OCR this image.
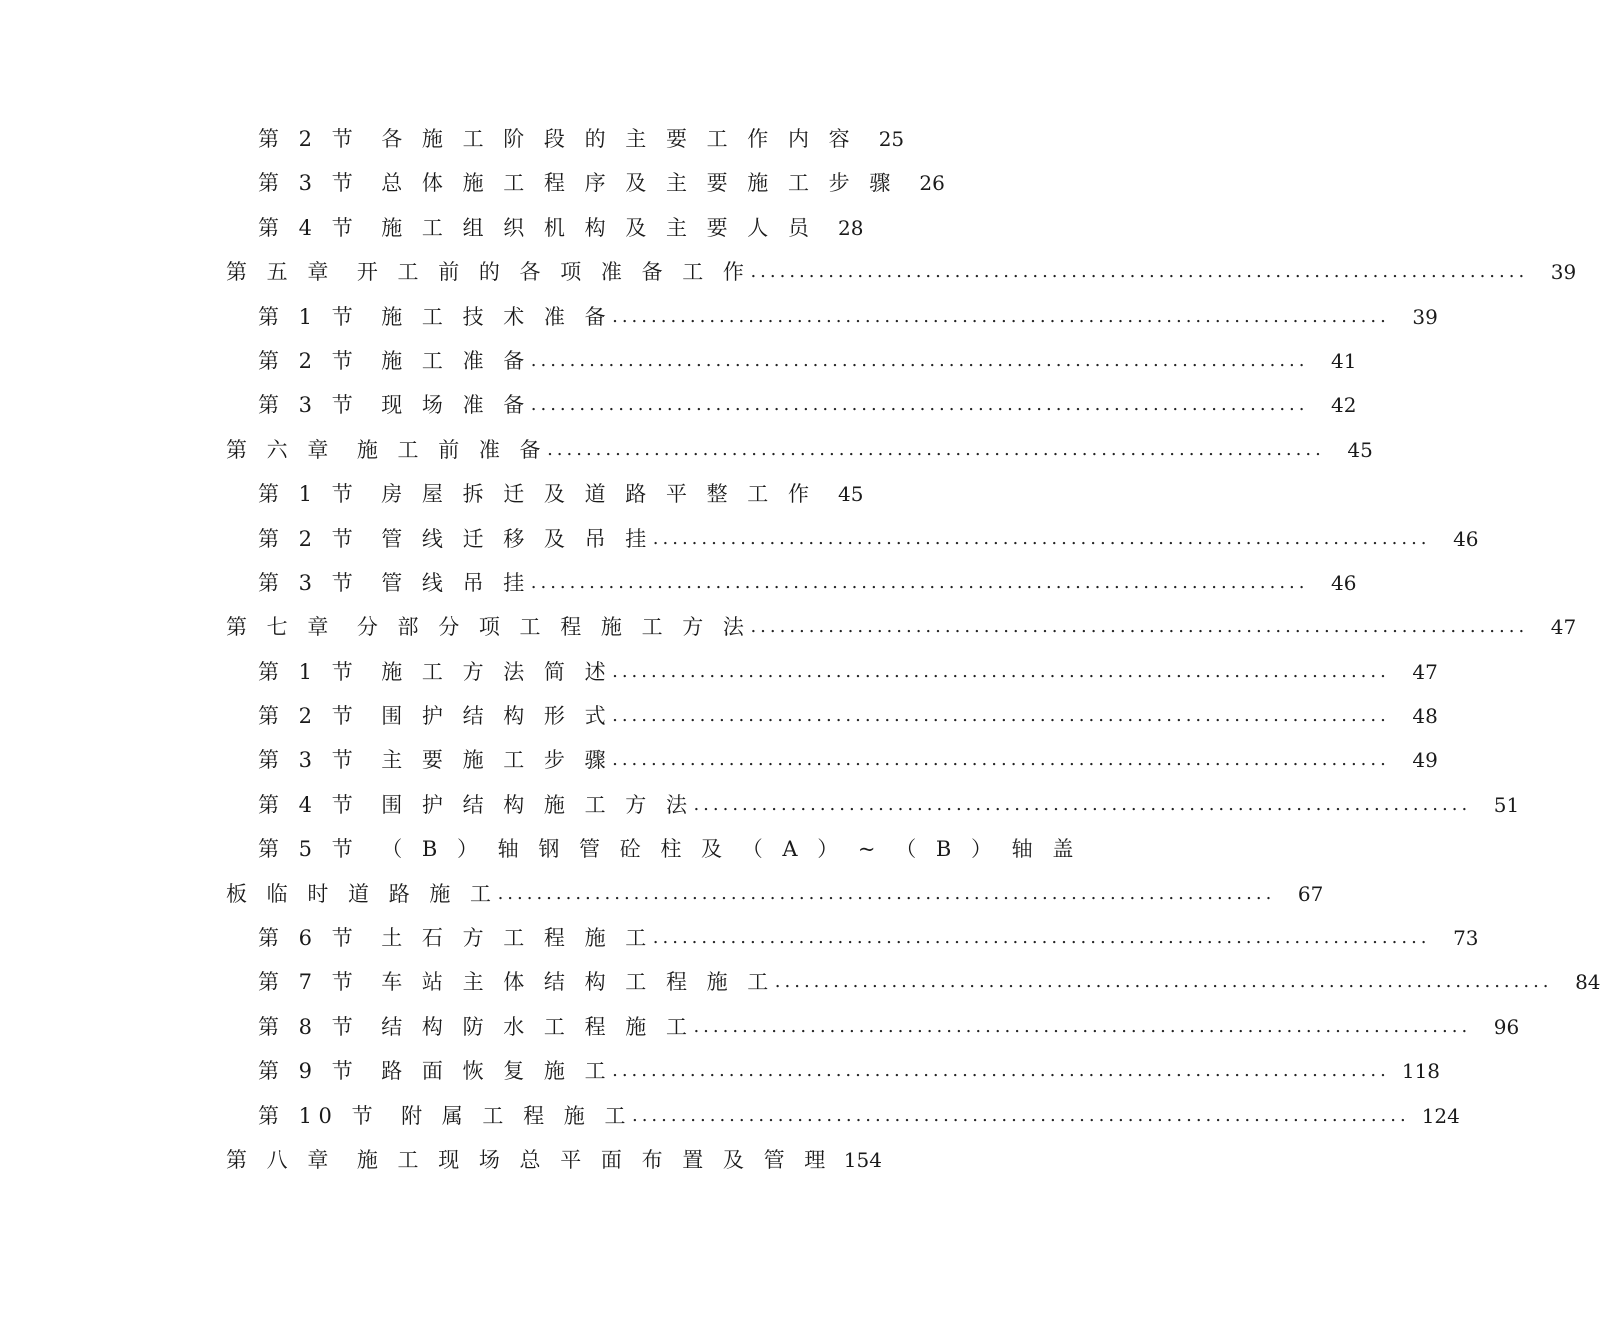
第 2 节 各 施 工 阶 段 的 主 要 工 作 内 容	25
第 3 节 总 体 施 工 程 序 及 主 要 施 工 步 骤	26
第 4 节 施 工 组 织 机 构 及 主 要 人 员	28
第 五 章 开 工 前 的 各 项 准 备 工 作 .....	39
第 1 节 施 工 技 术 准 备 .....	39
第 2 节 施 工 准 备 .....	41
第 3 节 现 场 准 备 .....	42
第 六 章 施 工 前 准 备 .....	45
第 1 节 房 屋 拆 迁 及 道 路 平 整 工 作	45
第 2 节 管 线 迁 移 及 吊 挂 .....	46
第 3 节 管 线 吊 挂 .....	46
第 七 章 分 部 分 项 工 程 施 工 方 法 .....	47
第 1 节 施 工 方 法 简 述 .....	47
第 2 节 围 护 结 构 形 式 .....	48
第 3 节 主 要 施 工 步 骤 .....	49
第 4 节 围 护 结 构 施 工 方 法 .....	51
第 5 节 （ B ） 轴 钢 管 砼 柱 及 （ A ） ~ （ B ） 轴 盖
板 临 时 道 路 施 工 .....	67
第 6 节 土 石 方 工 程 施 工 .....	73
第 7 节 车 站 主 体 结 构 工 程 施 工 .....	84
第 8 节 结 构 防 水 工 程 施 工 .....	96
第 9 节 路 面 恢 复 施 工 .....	118
第 10 节 附 属 工 程 施 工 .....	124
第 八 章 施 工 现 场 总 平 面 布 置 及 管 理 154
